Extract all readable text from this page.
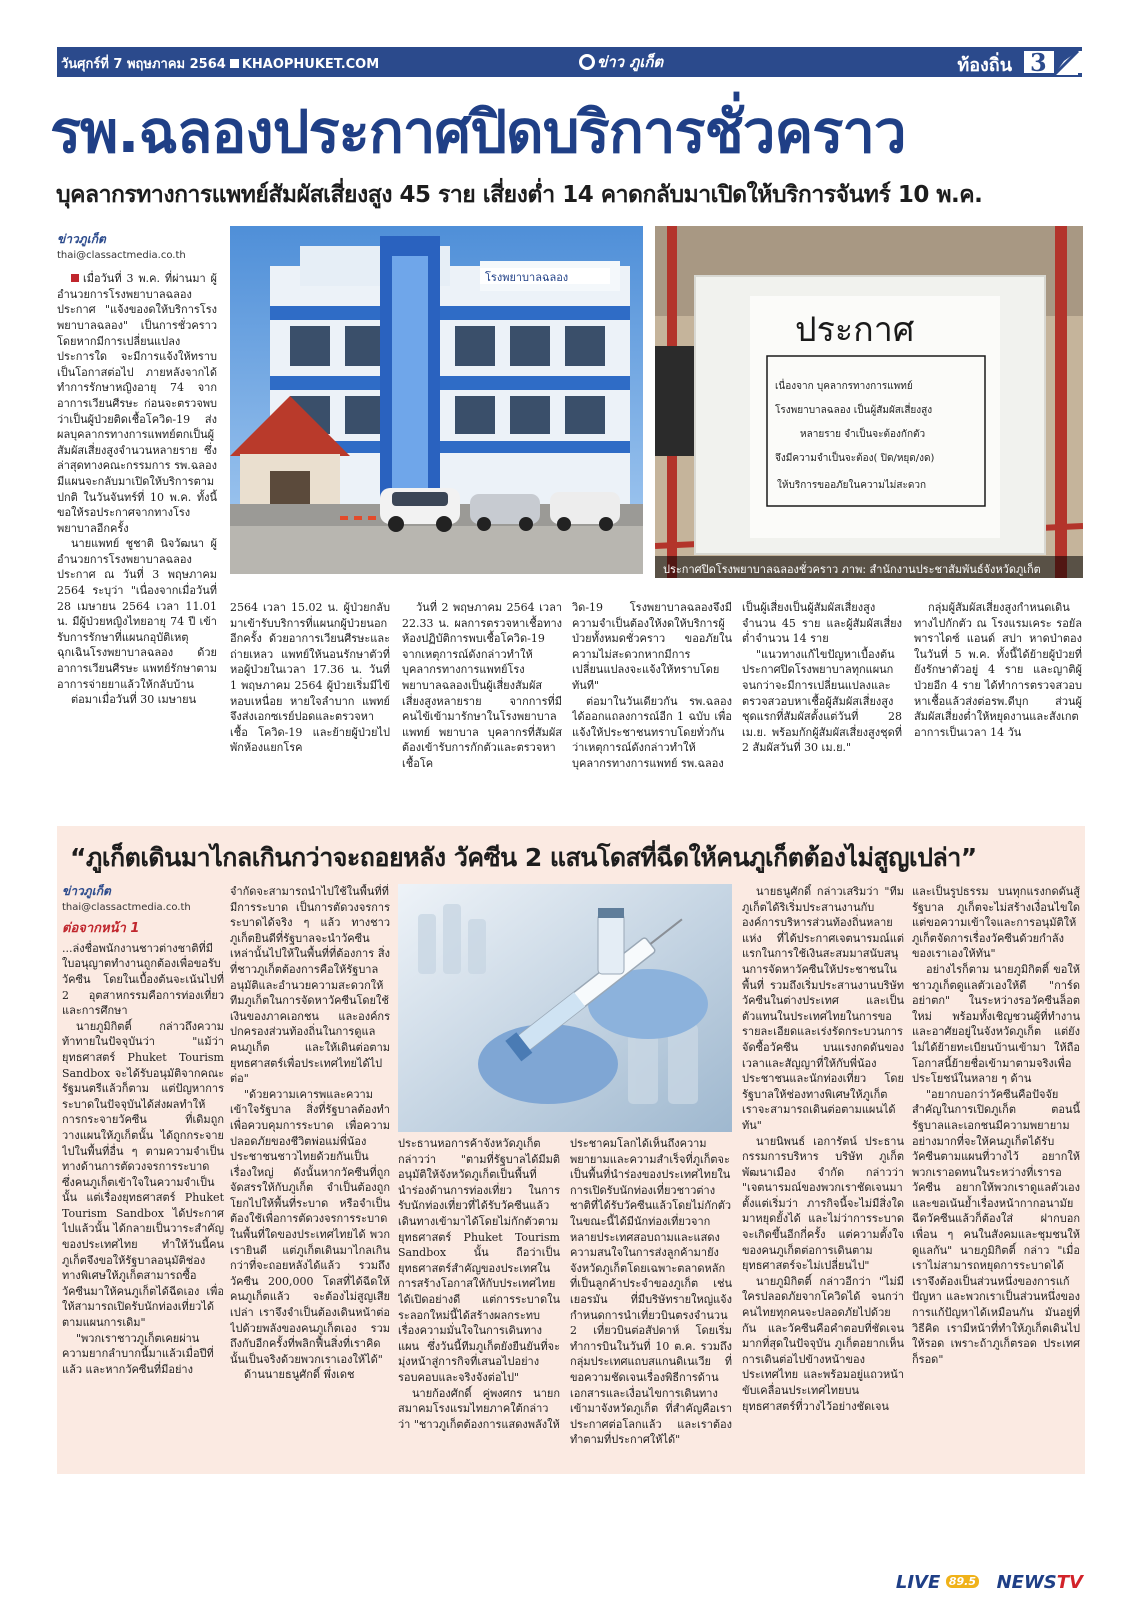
วันศุกร์ที่ 7 พฤษภาคม 2564 KHAOPHUKET.COM	ข่าว ภูเก็ต	ท้องถิ่น 3
รพ.ฉลองประกาศปิดบริการชั่วคราว
บุคลากรทางการแพทย์สัมผัสเสี่ยงสูง 45 ราย เสี่ยงต่ำ 14 คาดกลับมาเปิดให้บริการจันทร์ 10 พ.ค.
ข่าวภูเก็ต
thai@classactmedia.co.th

เมื่อวันที่ 3 พ.ค. ที่ผ่านมา ผู้อำนวยการโรงพยาบาลฉลอง ประกาศ "แจ้งของดให้บริการโรงพยาบาลฉลอง" เป็นการชั่วคราว โดยหากมีการเปลี่ยนแปลงประการใด จะมีการแจ้งให้ทราบเป็นโอกาสต่อไป ภายหลังจากได้ทำการรักษาหญิงอายุ 74 จากอาการเวียนศีรษะ ก่อนจะตรวจพบว่าเป็นผู้ป่วยติดเชื้อโควิด-19 ส่งผลบุคลากรทางการแพทย์ตกเป็นผู้สัมผัสเสี่ยงสูงจำนวนหลายราย ซึ่งล่าสุดทางคณะกรรมการ รพ.ฉลอง มีแผนจะกลับมาเปิดให้บริการตามปกติ ในวันจันทร์ที่ 10 พ.ค. ทั้งนี้ ขอให้รอประกาศจากทางโรงพยาบาลอีกครั้ง

นายแพทย์ ชูชาติ นิจวัฒนา ผู้อำนวยการโรงพยาบาลฉลอง ประกาศ ณ วันที่ 3 พฤษภาคม 2564 ระบุว่า "เนื่องจากเมื่อวันที่ 28 เมษายน 2564 เวลา 11.01 น. มีผู้ป่วยหญิงไทยอายุ 74 ปี เข้ารับการรักษาที่แผนกอุบัติเหตุฉุกเฉินโรงพยาบาลฉลอง ด้วยอาการเวียนศีรษะ แพทย์รักษาตามอาการจ่ายยาแล้วให้กลับบ้าน

ต่อมาเมื่อวันที่ 30 เมษายน

โรงพยาบาลฉลอง
ประกาศ
เนื่องจาก บุคลากรทางการแพทย์
โรงพยาบาลฉลอง เป็นผู้สัมผัสเสี่ยงสูง
หลายราย จำเป็นจะต้องกักตัว
จึงมีความจำเป็นจะต้อง( ปิด/หยุด/งด)
ให้บริการขออภัยในความไม่สะดวก
ประกาศปิดโรงพยาบาลฉลองชั่วคราว ภาพ: สำนักงานประชาสัมพันธ์จังหวัดภูเก็ต

2564 เวลา 15.02 น. ผู้ป่วยกลับมาเข้ารับบริการที่แผนกผู้ป่วยนอกอีกครั้ง ด้วยอาการเวียนศีรษะและถ่ายเหลว แพทย์ให้นอนรักษาตัวที่หอผู้ป่วยในเวลา 17.36 น. วันที่ 1 พฤษภาคม 2564 ผู้ป่วยเริ่มมีไข้ หอบเหนื่อย หายใจลำบาก แพทย์จึงส่งเอกซเรย์ปอดและตรวจหาเชื้อ โควิด-19 และย้ายผู้ป่วยไปพักห้องแยกโรค

วันที่ 2 พฤษภาคม 2564 เวลา 22.33 น. ผลการตรวจหาเชื้อทางห้องปฏิบัติการพบเชื้อโควิด-19 จากเหตุการณ์ดังกล่าวทำให้บุคลากรทางการแพทย์โรงพยาบาลฉลองเป็นผู้เสี่ยงสัมผัสเสี่ยงสูงหลายราย จากการที่มีคนไข้เข้ามารักษาในโรงพยาบาล แพทย์ พยาบาล บุคลากรที่สัมผัสต้องเข้ารับการกักตัวและตรวจหาเชื้อโค

วิด-19 โรงพยาบาลฉลองจึงมีความจำเป็นต้องให้งดให้บริการผู้ป่วยทั้งหมดชั่วคราว ขออภัยในความไม่สะดวกหากมีการเปลี่ยนแปลงจะแจ้งให้ทราบโดยทันที"

ต่อมาในวันเดียวกัน รพ.ฉลอง ได้ออกแถลงการณ์อีก 1 ฉบับ เพื่อแจ้งให้ประชาชนทราบโดยทั่วกันว่าเหตุการณ์ดังกล่าวทำให้บุคลากรทางการแพทย์ รพ.ฉลอง

เป็นผู้เสี่ยงเป็นผู้สัมผัสเสี่ยงสูง จำนวน 45 ราย และผู้สัมผัสเสี่ยงต่ำจำนวน 14 ราย

"แนวทางแก้ไขปัญหาเบื้องต้น ประกาศปิดโรงพยาบาลทุกแผนกจนกว่าจะมีการเปลี่ยนแปลงและตรวจสวอบหาเชื้อผู้สัมผัสเสี่ยงสูงชุดแรกที่สัมผัสตั้งแต่วันที่ 28 เม.ย. พร้อมกักผู้สัมผัสเสี่ยงสูงชุดที่ 2 สัมผัสวันที่ 30 เม.ย."

กลุ่มผู้สัมผัสเสี่ยงสูงกำหนดเดินทางไปกักตัว ณ โรงแรมเคระ รอยัล พาราไดซ์ แอนด์ สปา หาดป่าตอง ในวันที่ 5 พ.ค. ทั้งนี้ได้ย้ายผู้ป่วยที่ยังรักษาตัวอยู่ 4 ราย และญาติผู้ป่วยอีก 4 ราย ได้ทำการตรวจสวอบหาเชื้อแล้วส่งต่อรพ.ดีบุก ส่วนผู้สัมผัสเสี่ยงต่ำให้หยุดงานและสังเกตอาการเป็นเวลา 14 วัน

“ภูเก็ตเดินมาไกลเกินกว่าจะถอยหลัง วัคซีน 2 แสนโดสที่ฉีดให้คนภูเก็ตต้องไม่สูญเปล่า”
ข่าวภูเก็ต
thai@classactmedia.co.th
ต่อจากหน้า 1

...ล่งชื่อพนักงานชาวต่างชาติที่มีใบอนุญาตทำงานถูกต้องเพื่อขอรับวัคซีน โดยในเบื้องต้นจะเน้นไปที่ 2 อุตสาหกรรมคือการท่องเที่ยวและการศึกษา

นายภูมิกิตติ์ กล่าวถึงความท้าทายในปัจจุบันว่า "แม้ว่ายุทธศาสตร์ Phuket Tourism Sandbox จะได้รับอนุมัติจากคณะรัฐมนตรีแล้วก็ตาม แต่ปัญหาการระบาดในปัจจุบันได้ส่งผลทำให้การกระจายวัคซีน ที่เดิมถูกวางแผนให้ภูเก็ตนั้น ได้ถูกกระจายไปในพื้นที่อื่น ๆ ตามความจำเป็นทางด้านการตัดวงจรการระบาด ซึ่งคนภูเก็ตเข้าใจในความจำเป็นนั้น แต่เรื่องยุทธศาสตร์ Phuket Tourism Sandbox ได้ประกาศไปแล้วนั้น ได้กลายเป็นวาระสำคัญของประเทศไทย ทำให้วันนี้คนภูเก็ตจึงขอให้รัฐบาลอนุมัติช่องทางพิเศษให้ภูเก็ตสามารถซื้อวัคซีนมาให้คนภูเก็ตได้ฉีดเอง เพื่อให้สามารถเปิดรับนักท่องเที่ยวได้ตามแผนการเดิม"

"พวกเราชาวภูเก็ตเคยผ่านความยากลำบากนี้มาแล้วเมื่อปีที่แล้ว และหากวัคซีนที่มีอย่าง

จำกัดจะสามารถนำไปใช้ในพื้นที่ที่มีการระบาด เป็นการตัดวงจรการระบาดได้จริง ๆ แล้ว ทางชาวภูเก็ตยินดีที่รัฐบาลจะนำวัคซีนเหล่านั้นไปให้ในพื้นที่ที่ต้องการ สิ่งที่ชาวภูเก็ตต้องการคือให้รัฐบาลอนุมัติและอำนวยความสะดวกให้ทีมภูเก็ตในการจัดหาวัคซีนโดยใช้เงินของภาคเอกชน และองค์กรปกครองส่วนท้องถิ่นในการดูแลคนภูเก็ต และให้เดินต่อตามยุทธศาสตร์เพื่อประเทศไทยได้ไปต่อ"

"ด้วยความเคารพและความเข้าใจรัฐบาล สิ่งที่รัฐบาลต้องทำเพื่อควบคุมการระบาด เพื่อความปลอดภัยของชีวิตพ่อแม่พี่น้องประชาชนชาวไทยด้วยกันเป็นเรื่องใหญ่ ดังนั้นหากวัคซีนที่ถูกจัดสรรให้กับภูเก็ต จำเป็นต้องถูกโยกไปให้พื้นที่ระบาด หรือจำเป็นต้องใช้เพื่อการตัดวงจรการระบาดในพื้นที่ใดของประเทศไทยได้ พวกเรายินดี แต่ภูเก็ตเดินมาไกลเกินกว่าที่จะถอยหลังได้แล้ว รวมถึงวัคซีน 200,000 โดสที่ได้ฉีดให้คนภูเก็ตแล้ว จะต้องไม่สูญเสียเปล่า เราจึงจำเป็นต้องเดินหน้าต่อไปด้วยพลังของคนภูเก็ตเอง รวมถึงกับอีกครั้งที่พลิกฟื้นสิ่งที่เราคิดนั้นเป็นจริงด้วยพวกเราเองให้ได้"

ด้านนายธนูศักดิ์ พึ่งเดช

ประธานหอการค้าจังหวัดภูเก็ต กล่าวว่า "ตามที่รัฐบาลได้มีมติอนุมัติให้จังหวัดภูเก็ตเป็นพื้นที่นำร่องด้านการท่องเที่ยว ในการรับนักท่องเที่ยวที่ได้รับวัคซีนแล้วเดินทางเข้ามาได้โดยไม่กักตัวตามยุทธศาสตร์ Phuket Tourism Sandbox นั้น ถือว่าเป็นยุทธศาสตร์สำคัญของประเทศในการสร้างโอกาสให้กับประเทศไทยได้เปิดอย่างดี แต่การระบาดในระลอกใหม่นี้ได้สร้างผลกระทบเรื่องความมั่นใจในการเดินทางแผน ซึ่งวันนี้ทีมภูเก็ตยังยืนยันที่จะมุ่งหน้าสู่การกิจที่เสนอไปอย่างรอบคอบและจริงจังต่อไป"

นายก้องศักดิ์ คู่พงศกร นายกสมาคมโรงแรมไทยภาคใต้กล่าวว่า "ชาวภูเก็ตต้องการแสดงพลังให้

ประชาคมโลกได้เห็นถึงความพยายามและความสำเร็จที่ภูเก็ตจะเป็นพื้นที่นำร่องของประเทศไทยในการเปิดรับนักท่องเที่ยวชาวต่างชาติที่ได้รับวัคซีนแล้วโดยไม่กักตัว ในขณะนี้ได้มีนักท่องเที่ยวจากหลายประเทศสอบถามและแสดงความสนใจในการส่งลูกค้ามายังจังหวัดภูเก็ตโดยเฉพาะตลาดหลักที่เป็นลูกค้าประจำของภูเก็ต เช่น เยอรมัน ที่มีบริษัทรายใหญ่แจ้งกำหนดการนำเที่ยวบินตรงจำนวน 2 เที่ยวบินต่อสัปดาห์ โดยเริ่มทำการบินในวันที่ 10 ต.ค. รวมถึงกลุ่มประเทศแถบสแกนดิเนเวีย ที่ขอความชัดเจนเรื่องพิธีการด้านเอกสารและเงื่อนไขการเดินทางเข้ามาจังหวัดภูเก็ต ที่สำคัญคือเราประกาศต่อโลกแล้ว และเราต้องทำตามที่ประกาศให้ได้"

นายธนูศักดิ์ กล่าวเสริมว่า "ทีมภูเก็ตได้ริเริ่มประสานงานกับองค์การบริหารส่วนท้องถิ่นหลายแห่ง ที่ได้ประกาศเจตนารมณ์แต่แรกในการใช้เงินสะสมมาสนับสนุนการจัดหาวัคซีนให้ประชาชนในพื้นที่ รวมถึงเริ่มประสานงานบริษัทวัคซีนในต่างประเทศ และเป็นตัวแทนในประเทศไทยในการขอรายละเอียดและเร่งรัดกระบวนการจัดซื้อวัคซีน บนแรงกดดันของเวลาและสัญญาที่ให้กับพี่น้องประชาชนและนักท่องเที่ยว โดยรัฐบาลให้ช่องทางพิเศษให้ภูเก็ต เราจะสามารถเดินต่อตามแผนได้ทัน"

นายนิพนธ์ เอการัตน์ ประธานกรรมการบริหาร บริษัท ภูเก็ตพัฒนาเมือง จำกัด กล่าวว่า "เจตนารมณ์ของพวกเราชัดเจนมาตั้งแต่เริ่มว่า ภารกิจนี้จะไม่มีสิ่งใดมาหยุดยั้งได้ และไม่ว่าการระบาดจะเกิดขึ้นอีกกี่ครั้ง แต่ความตั้งใจของคนภูเก็ตต่อการเดินตามยุทธศาสตร์จะไม่เปลี่ยนไป"

นายภูมิกิตติ์ กล่าวอีกว่า "ไม่มีใครปลอดภัยจากโควิดได้ จนกว่าคนไทยทุกคนจะปลอดภัยไปด้วยกัน และวัคซีนคือคำตอบที่ชัดเจนมากที่สุดในปัจจุบัน ภูเก็ตอยากเห็นการเดินต่อไปข้างหน้าของประเทศไทย และพร้อมอยู่แถวหน้าขับเคลื่อนประเทศไทยบนยุทธศาสตร์ที่วางไว้อย่างชัดเจน

และเป็นรูปธรรม บนทุกแรงกดดันสู้รัฐบาล ภูเก็ตจะไม่สร้างเงื่อนไขใด แต่ขอความเข้าใจและการอนุมัติให้ภูเก็ตจัดการเรื่องวัคซีนด้วยกำลังของเราเองให้ทัน"

อย่างไรก็ตาม นายภูมิกิตติ์ ขอให้ชาวภูเก็ตดูแลตัวเองให้ดี "การ์ดอย่าตก" ในระหว่างรอวัคซีนล็อตใหม่ พร้อมทั้งเชิญชวนผู้ที่ทำงานและอาศัยอยู่ในจังหวัดภูเก็ต แต่ยังไม่ได้ย้ายทะเบียนบ้านเข้ามา ให้ถือโอกาสนี้ย้ายชื่อเข้ามาตามจริงเพื่อประโยชน์ในหลาย ๆ ด้าน

"อยากบอกว่าวัคซีนคือปัจจัยสำคัญในการเปิดภูเก็ต ตอนนี้รัฐบาลและเอกชนมีความพยายามอย่างมากที่จะให้คนภูเก็ตได้รับวัคซีนตามแผนที่วางไว้ อยากให้พวกเราอดทนในระหว่างที่เรารอวัคซีน อยากให้พวกเราดูแลตัวเอง และขอเน้นย้ำเรื่องหน้ากากอนามัย ฉีดวัคซีนแล้วก็ต้องใส่ ฝากบอกเพื่อน ๆ คนในสังคมและชุมชนให้ดูแลกัน" นายภูมิกิตติ์ กล่าว "เมื่อเราไม่สามารถหยุดการระบาดได้ เราจึงต้องเป็นส่วนหนึ่งของการแก้ปัญหา และพวกเราเป็นส่วนหนึ่งของการแก้ปัญหาได้เหมือนกัน มันอยู่ที่วิธีคิด เรามีหน้าที่ทำให้ภูเก็ตเดินไปให้รอด เพราะถ้าภูเก็ตรอด ประเทศก็รอด"

LIVE 89.5 NEWSTV
